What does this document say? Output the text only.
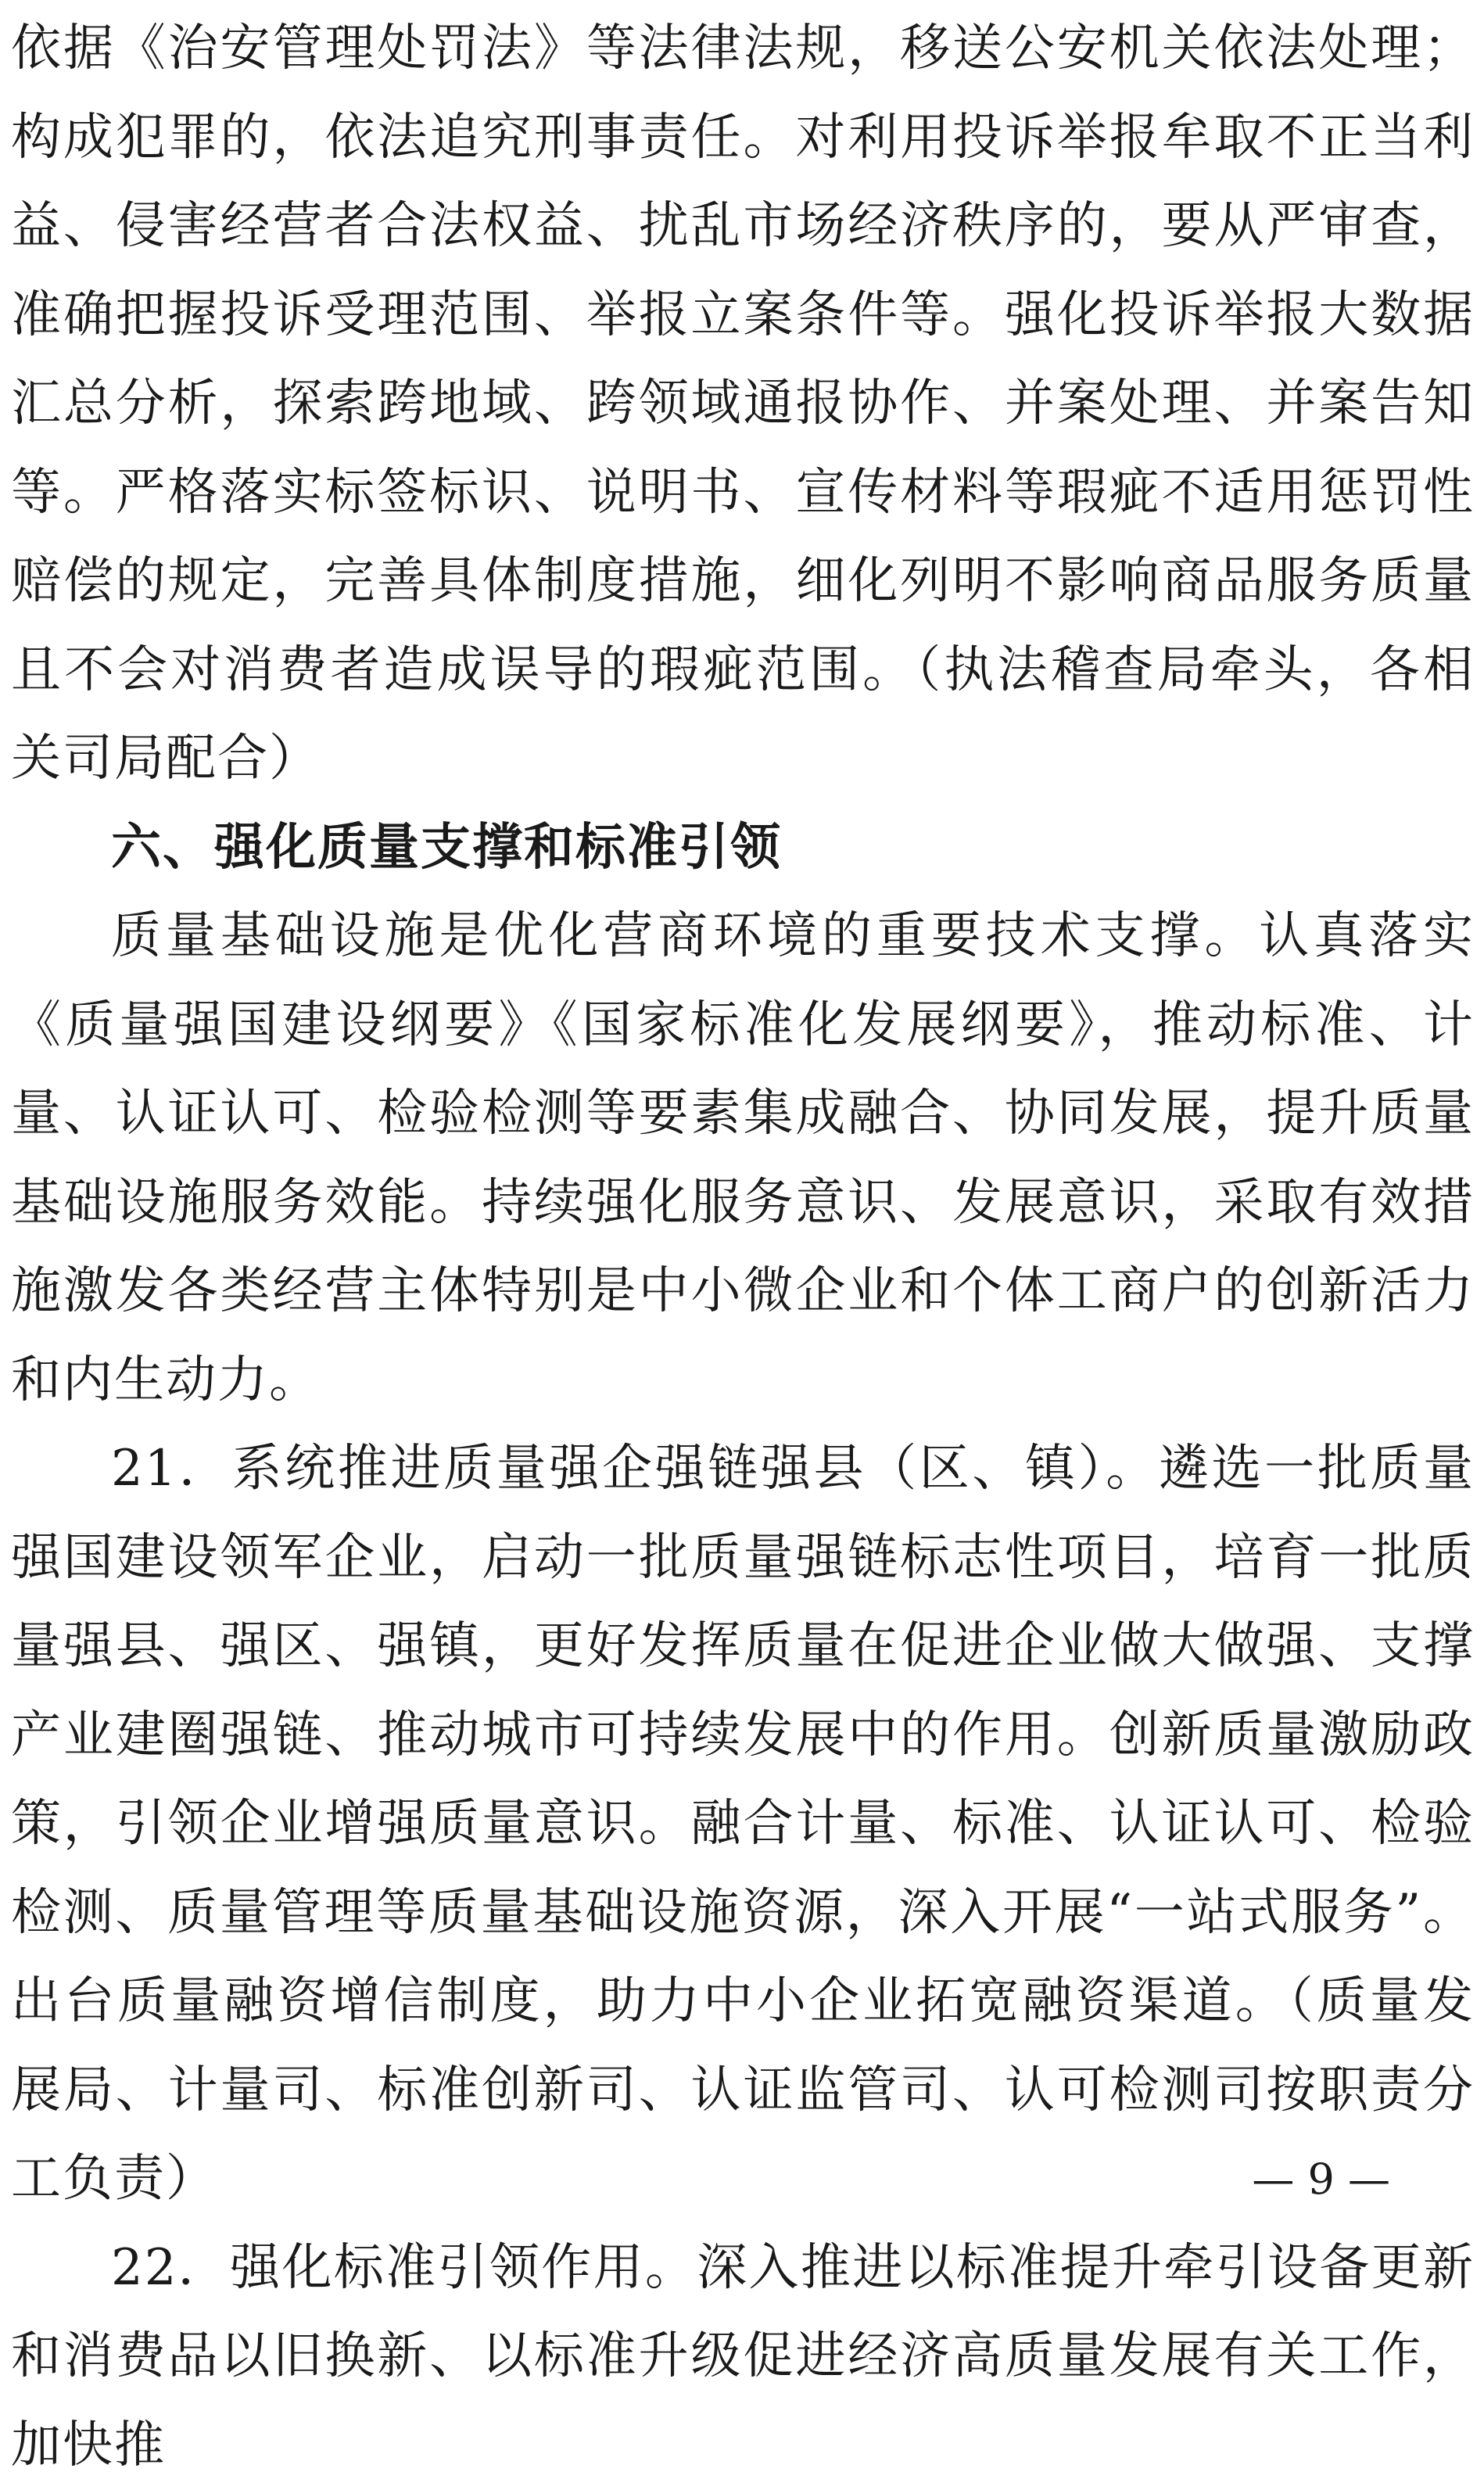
依据《治安管理处罚法》等法律法规，移送公安机关依法处理；构成犯罪的，依法追究刑事责任。对利用投诉举报牟取不正当利益、侵害经营者合法权益、扰乱市场经济秩序的，要从严审查，准确把握投诉受理范围、举报立案条件等。强化投诉举报大数据汇总分析，探索跨地域、跨领域通报协作、并案处理、并案告知等。严格落实标签标识、说明书、宣传材料等瑕疵不适用惩罚性赔偿的规定，完善具体制度措施，细化列明不影响商品服务质量且不会对消费者造成误导的瑕疵范围。（执法稽查局牵头，各相关司局配合）

六、强化质量支撑和标准引领

质量基础设施是优化营商环境的重要技术支撑。认真落实《质量强国建设纲要》《国家标准化发展纲要》，推动标准、计量、认证认可、检验检测等要素集成融合、协同发展，提升质量基础设施服务效能。持续强化服务意识、发展意识，采取有效措施激发各类经营主体特别是中小微企业和个体工商户的创新活力和内生动力。

21．系统推进质量强企强链强县（区、镇）。遴选一批质量强国建设领军企业，启动一批质量强链标志性项目，培育一批质量强县、强区、强镇，更好发挥质量在促进企业做大做强、支撑产业建圈强链、推动城市可持续发展中的作用。创新质量激励政策，引领企业增强质量意识。融合计量、标准、认证认可、检验检测、质量管理等质量基础设施资源，深入开展“一站式服务”。出台质量融资增信制度，助力中小企业拓宽融资渠道。（质量发展局、计量司、标准创新司、认证监管司、认可检测司按职责分工负责）

22．强化标准引领作用。深入推进以标准提升牵引设备更新和消费品以旧换新、以标准升级促进经济高质量发展有关工作，加快推

— 9 —
